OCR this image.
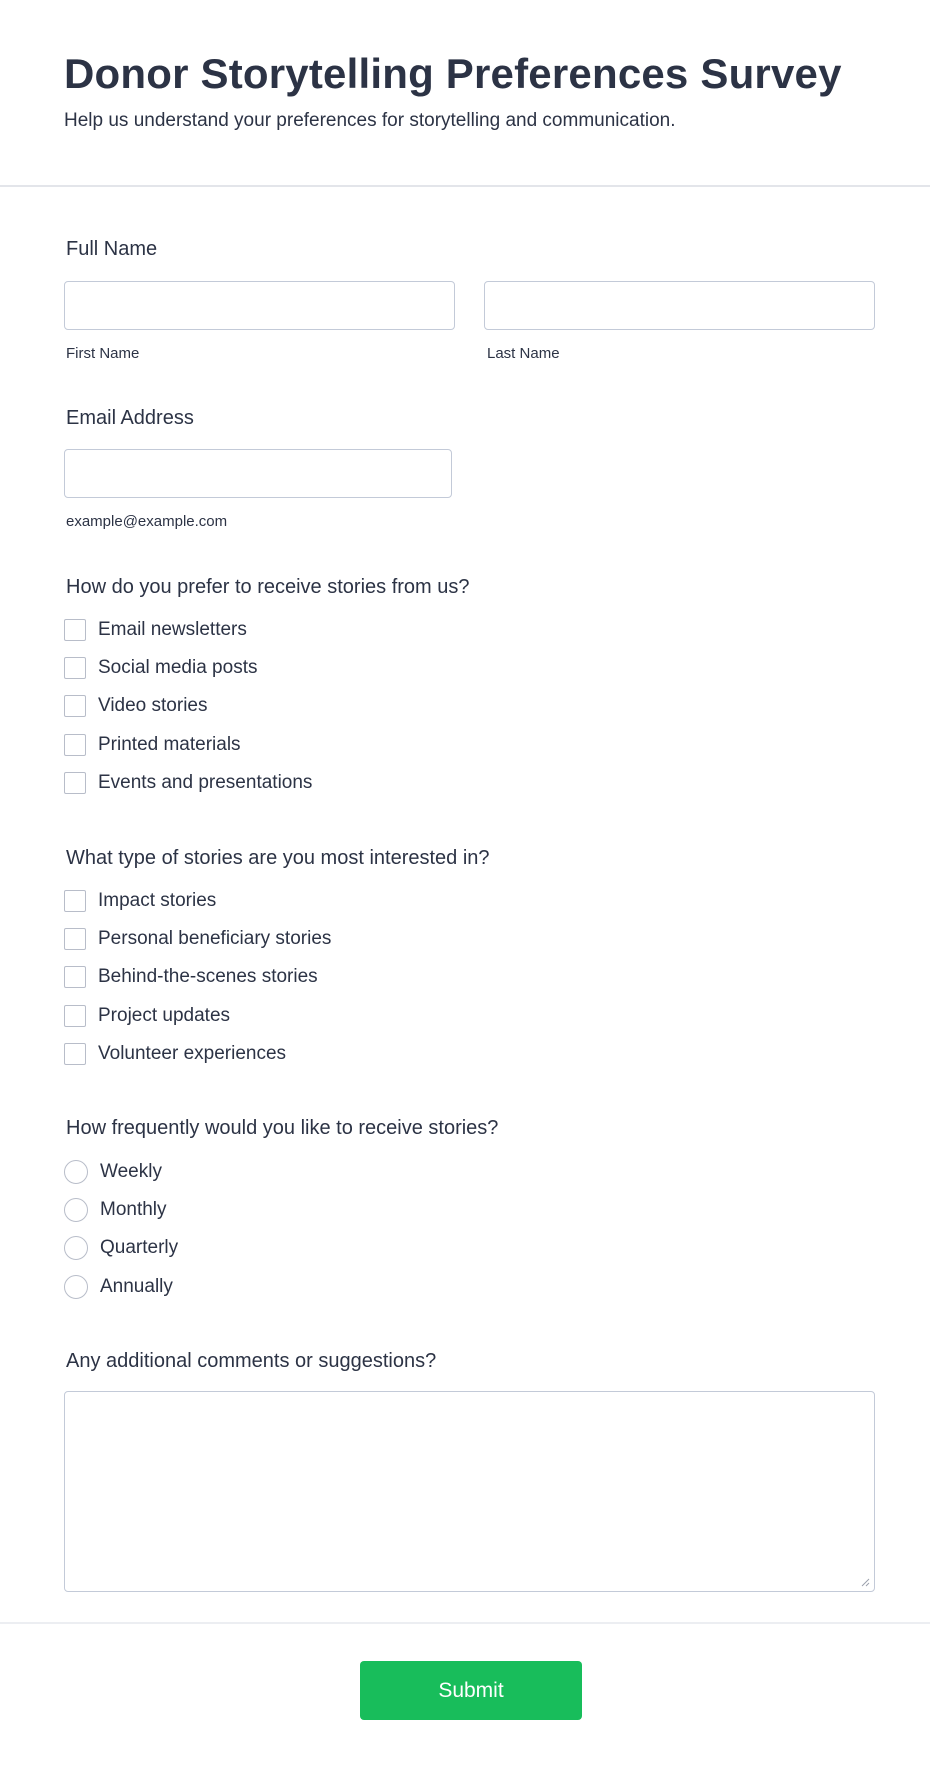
Donor Storytelling Preferences Survey
Help us understand your preferences for storytelling and communication.
Full Name
First Name	Last Name
Email Address
example@example.com
How do you prefer to receive stories from us?
Email newsletters
Social media posts
Video stories
Printed materials
Events and presentations
What type of stories are you most interested in?
Impact stories
Personal beneficiary stories
Behind-the-scenes stories
Project updates
Volunteer experiences
How frequently would you like to receive stories?
Weekly
Monthly
Quarterly
Annually
Any additional comments or suggestions?
Submit
